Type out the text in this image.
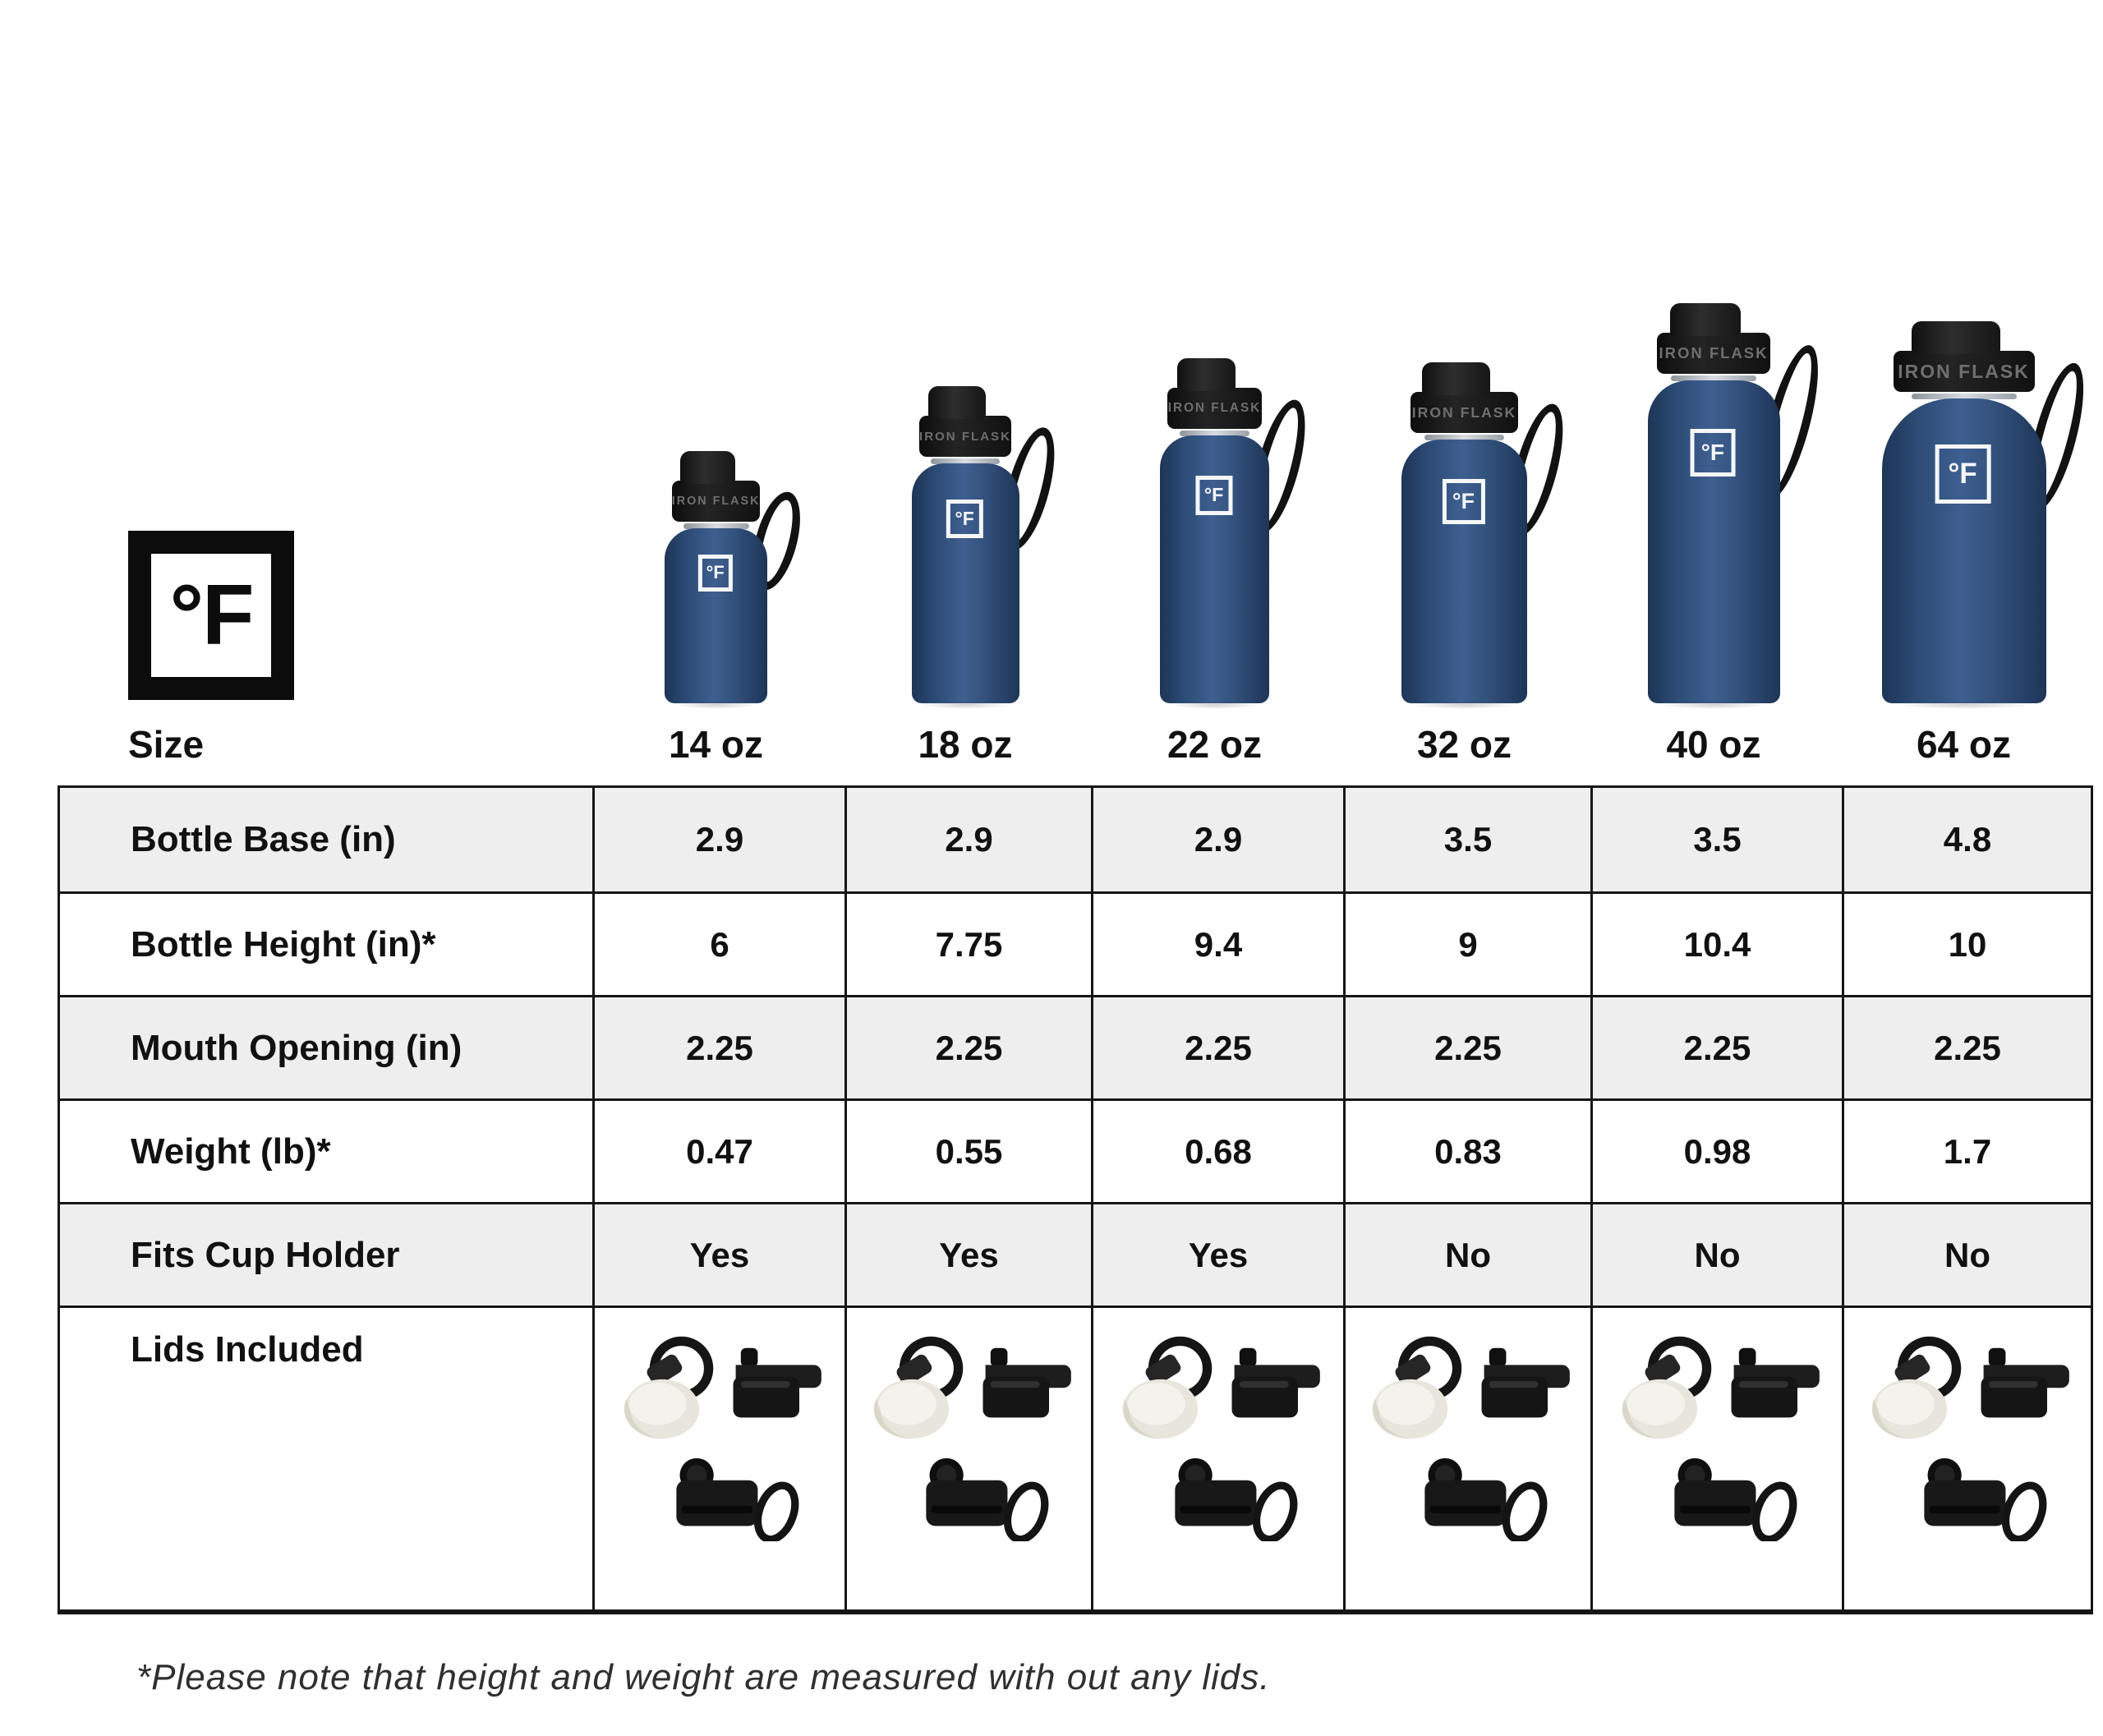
°F
IRON FLASK
°F
IRON FLASK
°F
IRON FLASK
°F
IRON FLASK
°F
IRON FLASK
°F
IRON FLASK
°F
Size	14 oz	18 oz	22 oz	32 oz	40 oz	64 oz
Bottle Base (in)	2.9	2.9	2.9	3.5	3.5	4.8
Bottle Height (in)*	6	7.75	9.4	9	10.4	10
Mouth Opening (in)	2.25	2.25	2.25	2.25	2.25	2.25
Weight (lb)*	0.47	0.55	0.68	0.83	0.98	1.7
Fits Cup Holder	Yes	Yes	Yes	No	No	No
Lids Included
*Please note that height and weight are measured with out any lids.
